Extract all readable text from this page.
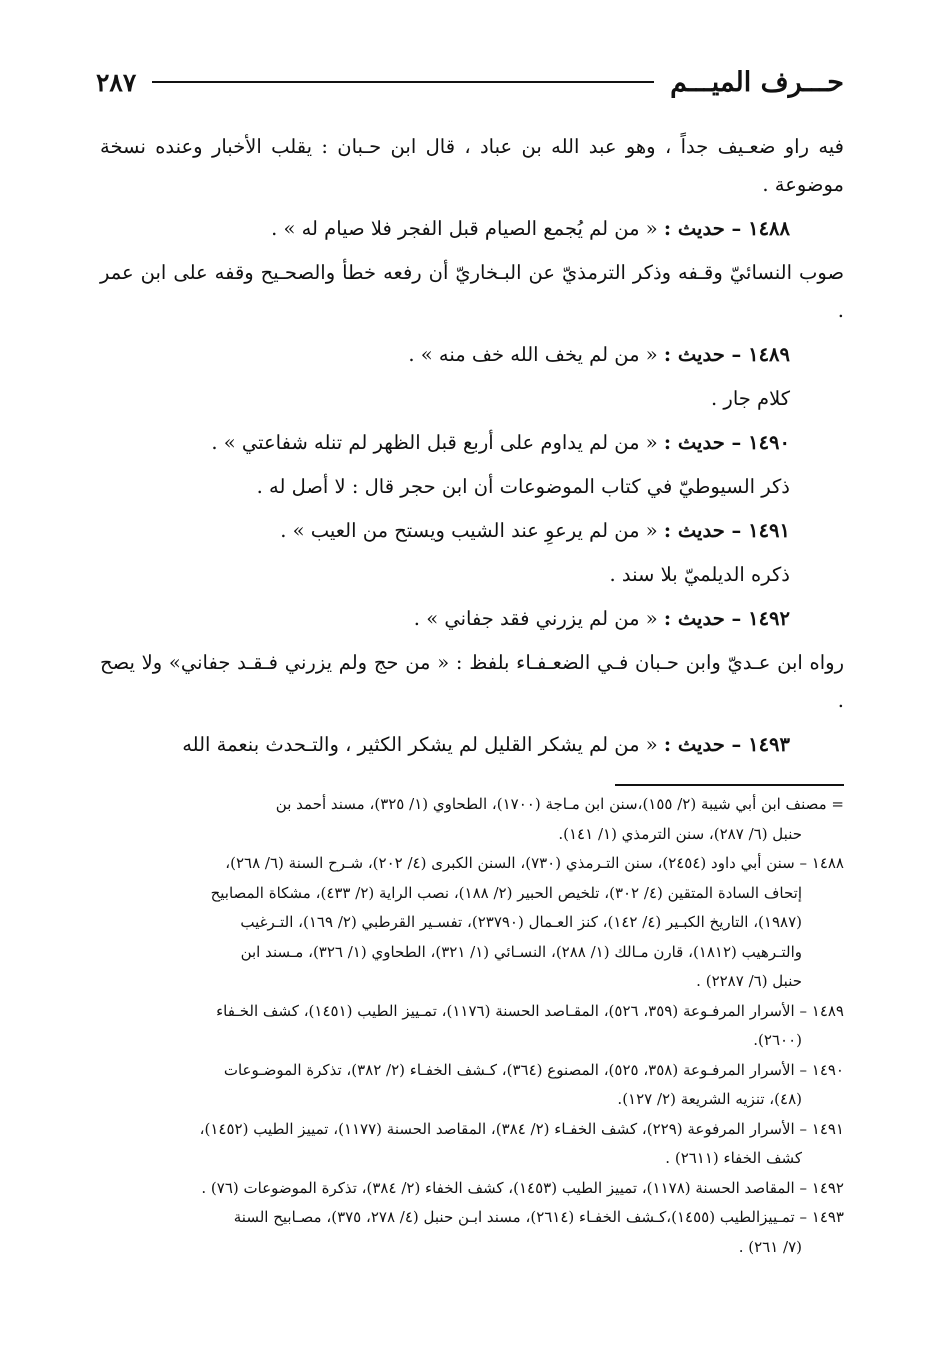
حـــرف الميـــم
٢٨٧

فيه راو ضعـيف جداً ، وهو عبد الله بن عباد ، قال ابن حـبان : يقلب الأخبار وعنده نسخة موضوعة .

١٤٨٨ – حديث : « من لم يُجمع الصيام قبل الفجر فلا صيام له » .

صوب النسائيّ وقـفه وذكر الترمذيّ عن البـخاريّ أن رفعه خطأ والصحـيح وقفه على ابن عمر .

١٤٨٩ – حديث : « من لم يخف الله خف منه » .

كلام جار .

١٤٩٠ – حديث : « من لم يداوم على أربع قبل الظهر لم تنله شفاعتي » .

ذكر السيوطيّ في كتاب الموضوعات أن ابن حجر قال : لا أصل له .

١٤٩١ – حديث : « من لم يرعوِ عند الشيب ويستح من العيب » .

ذكره الديلميّ بلا سند .

١٤٩٢ – حديث : « من لم يزرني فقد جفاني » .

رواه ابن عـديّ وابن حـبان فـي الضعـفـاء بلفظ : « من حج ولم يزرني فـقـد جفاني» ولا يصح .

١٤٩٣ – حديث : « من لم يشكر القليل لم يشكر الكثير ، والتـحدث بنعمة الله

= مصنف ابن أبي شيبة (٢/ ١٥٥)،سنن ابن مـاجة (١٧٠٠)، الطحاوي (١/ ٣٢٥)، مسند أحمد بن

حنبل (٦/ ٢٨٧)، سنن الترمذي (١/ ١٤١).

١٤٨٨ – سنن أبي داود (٢٤٥٤)، سنن التـرمذي (٧٣٠)، السنن الكبرى (٤/ ٢٠٢)، شـرح السنة (٦/ ٢٦٨)،

إتحاف السادة المتقين (٤/ ٣٠٢)، تلخيص الحبير (٢/ ١٨٨)، نصب الراية (٢/ ٤٣٣)، مشكاة المصابيح

(١٩٨٧)، التاريخ الكبـير (٤/ ١٤٢)، كنز العـمال (٢٣٧٩٠)، تفسـير القرطبي (٢/ ١٦٩)، التـرغيب

والتـرهيب (١٨١٢)، قارن مـالك (١/ ٢٨٨)، النسـائي (١/ ٣٢١)، الطحاوي (١/ ٣٢٦)، مـسند ابن

حنبل (٦/ ٢٢٨٧) .

١٤٨٩ – الأسرار المرفـوعة (٣٥٩، ٥٢٦)، المقـاصد الحسنة (١١٧٦)، تمـييز الطيب (١٤٥١)، كشف الخـفاء

(٢٦٠٠).

١٤٩٠ – الأسرار المرفـوعة (٣٥٨، ٥٢٥)، المصنوع (٣٦٤)، كـشف الخفـاء (٢/ ٣٨٢)، تذكرة الموضـوعات

(٤٨)، تنزيه الشريعة (٢/ ١٢٧).

١٤٩١ – الأسرار المرفوعة (٢٢٩)، كشف الخفـاء (٢/ ٣٨٤)، المقاصد الحسنة (١١٧٧)، تمييز الطيب (١٤٥٢)،

كشف الخفاء (٢٦١١) .

١٤٩٢ – المقاصد الحسنة (١١٧٨)، تمييز الطيب (١٤٥٣)، كشف الخفاء (٢/ ٣٨٤)، تذكرة الموضوعات (٧٦) .

١٤٩٣ – تمـييزالطيب (١٤٥٥)،كـشف الخفـاء (٢٦١٤)، مسند ابـن حنبل (٤/ ٢٧٨، ٣٧٥)، مصـابيح السنة

(٧/ ٢٦١) .
